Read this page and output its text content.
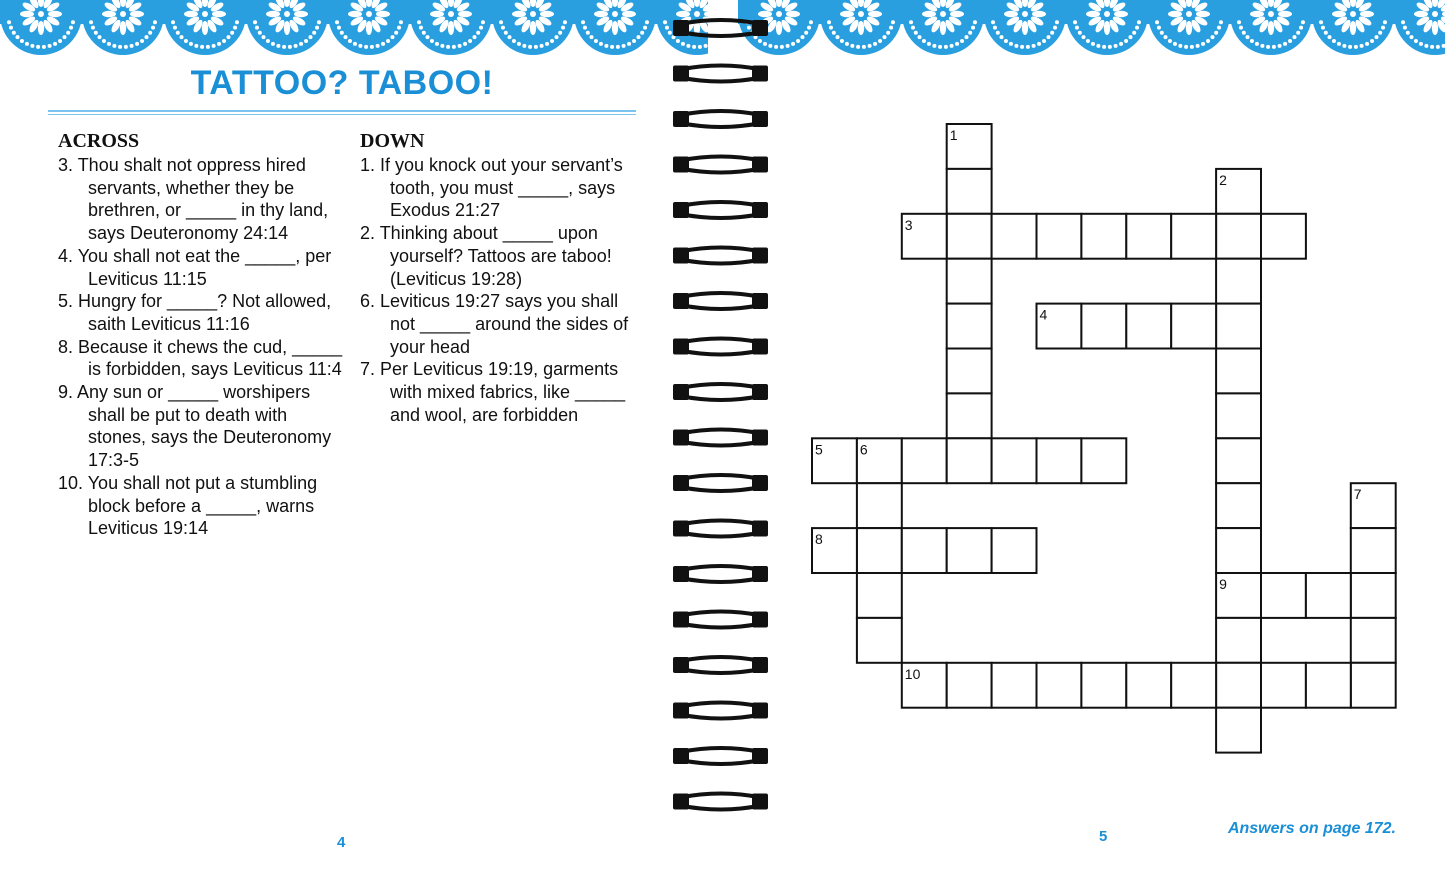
TATTOO? TABOO!
ACROSS
3. Thou shalt not oppress hired servants, whether they be brethren, or _____ in thy land, says Deuteronomy 24:14
4. You shall not eat the _____, per Leviticus 11:15
5. Hungry for _____? Not allowed, saith Leviticus 11:16
8. Because it chews the cud, _____ is forbidden, says Leviticus 11:4
9. Any sun or _____ worshipers shall be put to death with stones, says the Deuteronomy 17:3-5
10. You shall not put a stumbling block before a _____, warns Leviticus 19:14
DOWN
1. If you knock out your servant’s tooth, you must _____, says Exodus 21:27
2. Thinking about _____ upon yourself? Tattoos are taboo! (Leviticus 19:28)
6. Leviticus 19:27 says you shall not _____ around the sides of your head
7. Per Leviticus 19:19, garments with mixed fabrics, like _____ and wool, are forbidden
1
2
9
3
4
5	6
7
8
10
4	5	Answers on page 172.
